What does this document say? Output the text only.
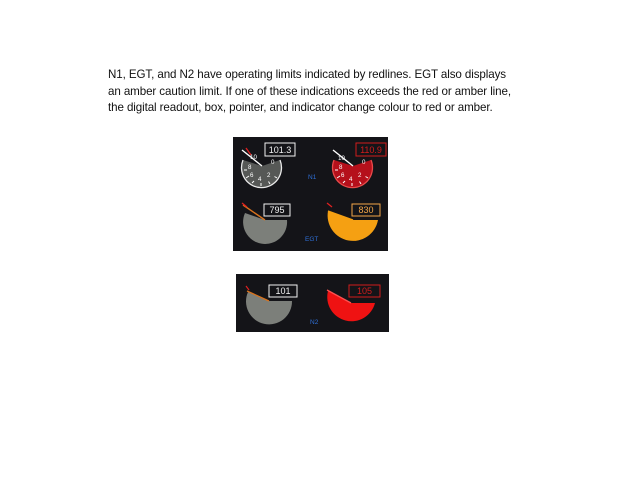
N1, EGT, and N2 have operating limits indicated by redlines. EGT also displays
an amber caution limit. If one of these indications exceeds the red or amber line,
the digital readout, box, pointer, and indicator change colour to red or amber.

10
8
6
4
2
0
101.3
10
8
6
4
2
0
110.9
N1
795	830
EGT
101	105
N2
